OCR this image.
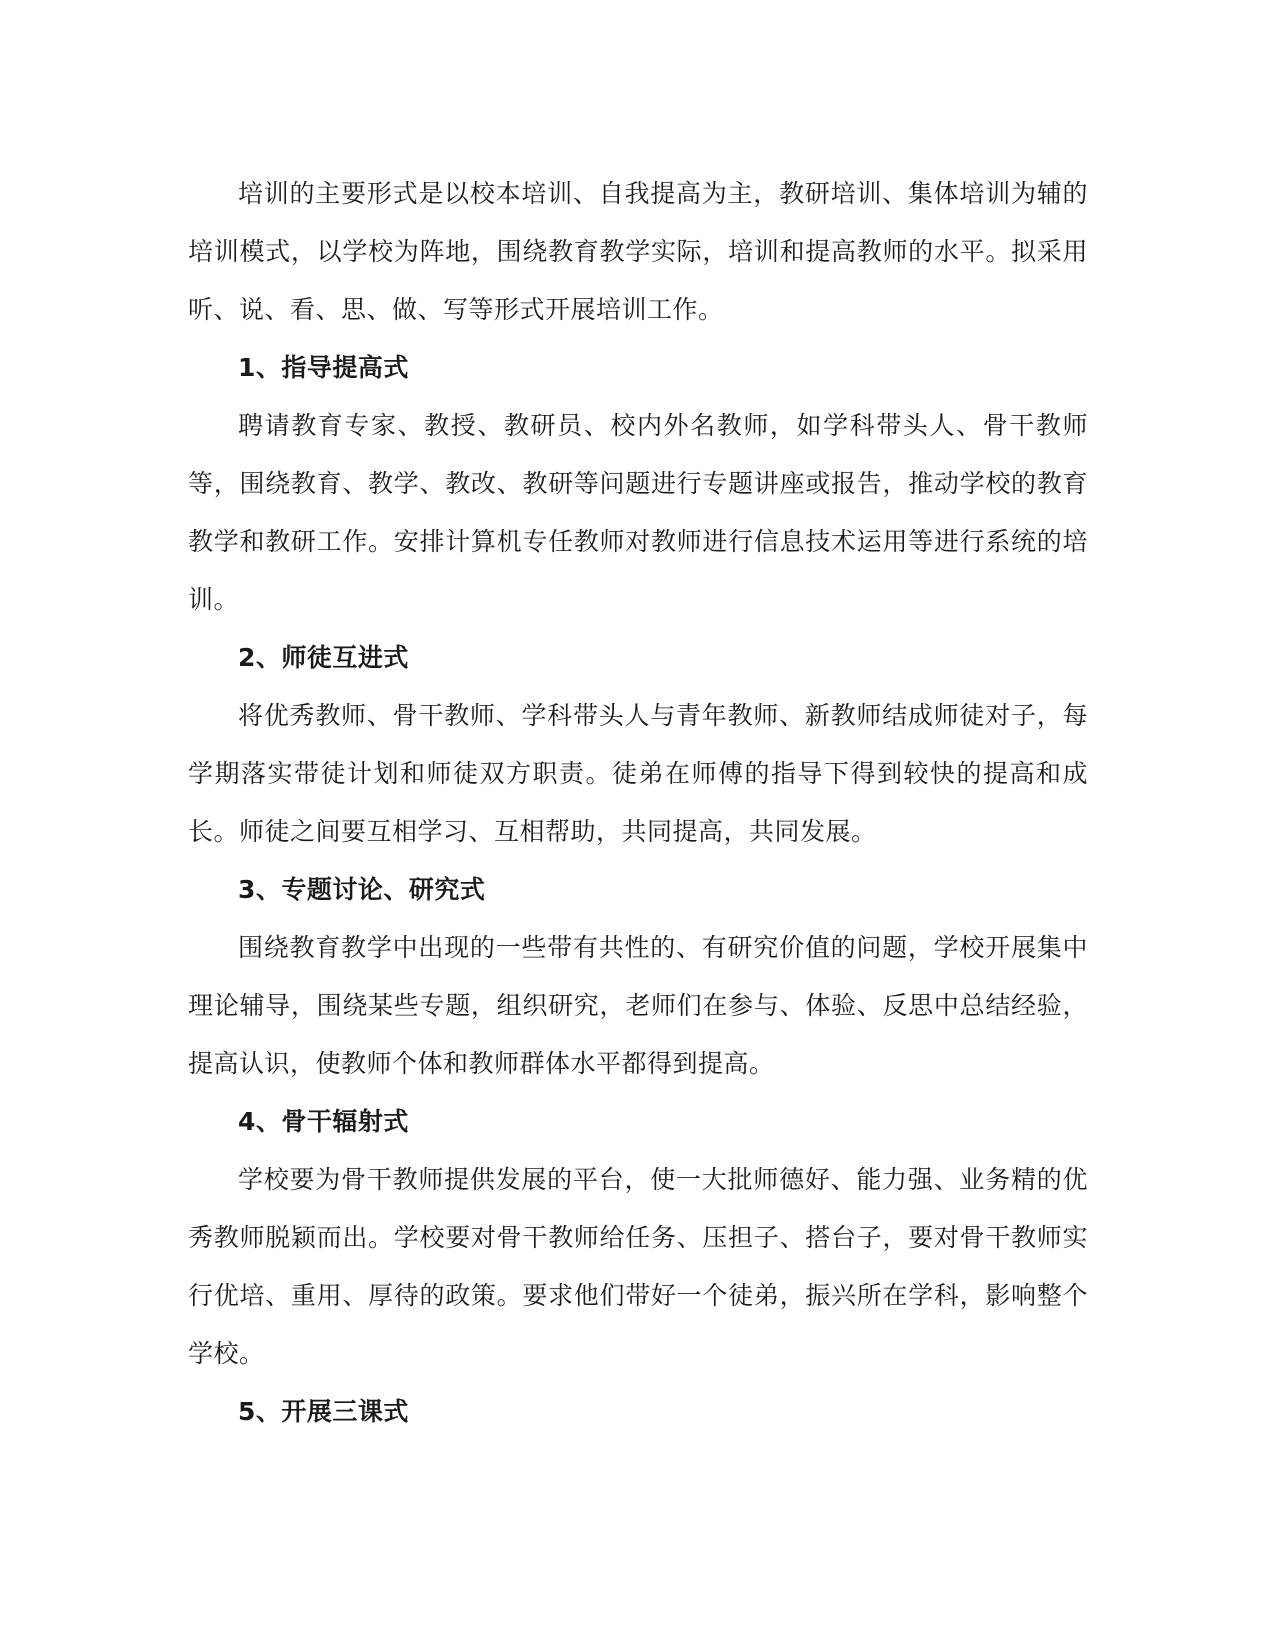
培训的主要形式是以校本培训、自我提高为主，教研培训、集体培训为辅的培训模式，以学校为阵地，围绕教育教学实际，培训和提高教师的水平。拟采用听、说、看、思、做、写等形式开展培训工作。

1、指导提高式

聘请教育专家、教授、教研员、校内外名教师，如学科带头人、骨干教师等，围绕教育、教学、教改、教研等问题进行专题讲座或报告，推动学校的教育教学和教研工作。安排计算机专任教师对教师进行信息技术运用等进行系统的培训。

2、师徒互进式

将优秀教师、骨干教师、学科带头人与青年教师、新教师结成师徒对子，每学期落实带徒计划和师徒双方职责。徒弟在师傅的指导下得到较快的提高和成长。师徒之间要互相学习、互相帮助，共同提高，共同发展。

3、专题讨论、研究式

围绕教育教学中出现的一些带有共性的、有研究价值的问题，学校开展集中理论辅导，围绕某些专题，组织研究，老师们在参与、体验、反思中总结经验，提高认识，使教师个体和教师群体水平都得到提高。

4、骨干辐射式

学校要为骨干教师提供发展的平台，使一大批师德好、能力强、业务精的优秀教师脱颖而出。学校要对骨干教师给任务、压担子、搭台子，要对骨干教师实行优培、重用、厚待的政策。要求他们带好一个徒弟，振兴所在学科，影响整个学校。

5、开展三课式
